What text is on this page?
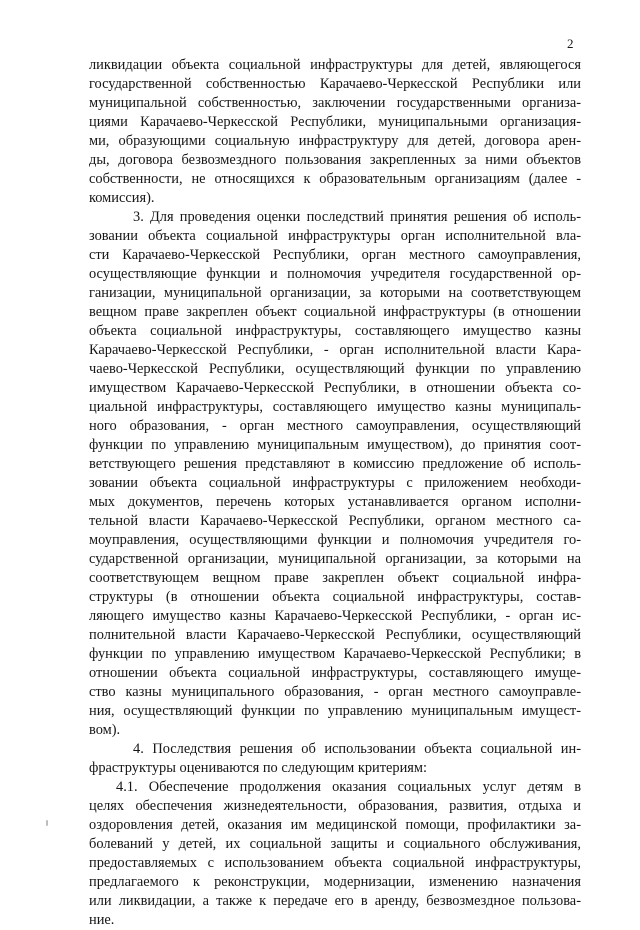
2
ликвидации объекта социальной инфраструктуры для детей, являющегося
государственной собственностью Карачаево-Черкесской Республики или
муниципальной собственностью, заключении государственными организа-
циями Карачаево-Черкесской Республики, муниципальными организация-
ми, образующими социальную инфраструктуру для детей, договора арен-
ды, договора безвозмездного пользования закрепленных за ними объектов
собственности, не относящихся к образовательным организациям (далее -
комиссия).
3. Для проведения оценки последствий принятия решения об исполь-
зовании объекта социальной инфраструктуры орган исполнительной вла-
сти Карачаево-Черкесской Республики, орган местного самоуправления,
осуществляющие функции и полномочия учредителя государственной ор-
ганизации, муниципальной организации, за которыми на соответствующем
вещном праве закреплен объект социальной инфраструктуры (в отношении
объекта социальной инфраструктуры, составляющего имущество казны
Карачаево-Черкесской Республики, - орган исполнительной власти Кара-
чаево-Черкесской Республики, осуществляющий функции по управлению
имуществом Карачаево-Черкесской Республики, в отношении объекта со-
циальной инфраструктуры, составляющего имущество казны муниципаль-
ного образования, - орган местного самоуправления, осуществляющий
функции по управлению муниципальным имуществом), до принятия соот-
ветствующего решения представляют в комиссию предложение об исполь-
зовании объекта социальной инфраструктуры с приложением необходи-
мых документов, перечень которых устанавливается органом исполни-
тельной власти Карачаево-Черкесской Республики, органом местного са-
моуправления, осуществляющими функции и полномочия учредителя го-
сударственной организации, муниципальной организации, за которыми на
соответствующем вещном праве закреплен объект социальной инфра-
структуры (в отношении объекта социальной инфраструктуры, состав-
ляющего имущество казны Карачаево-Черкесской Республики, - орган ис-
полнительной власти Карачаево-Черкесской Республики, осуществляющий
функции по управлению имуществом Карачаево-Черкесской Республики; в
отношении объекта социальной инфраструктуры, составляющего имуще-
ство казны муниципального образования, - орган местного самоуправле-
ния, осуществляющий функции по управлению муниципальным имущест-
вом).
4. Последствия решения об использовании объекта социальной ин-
фраструктуры оцениваются по следующим критериям:
4.1. Обеспечение продолжения оказания социальных услуг детям в
целях обеспечения жизнедеятельности, образования, развития, отдыха и
оздоровления детей, оказания им медицинской помощи, профилактики за-
болеваний у детей, их социальной защиты и социального обслуживания,
предоставляемых с использованием объекта социальной инфраструктуры,
предлагаемого к реконструкции, модернизации, изменению назначения
или ликвидации, а также к передаче его в аренду, безвозмездное пользова-
ние.
